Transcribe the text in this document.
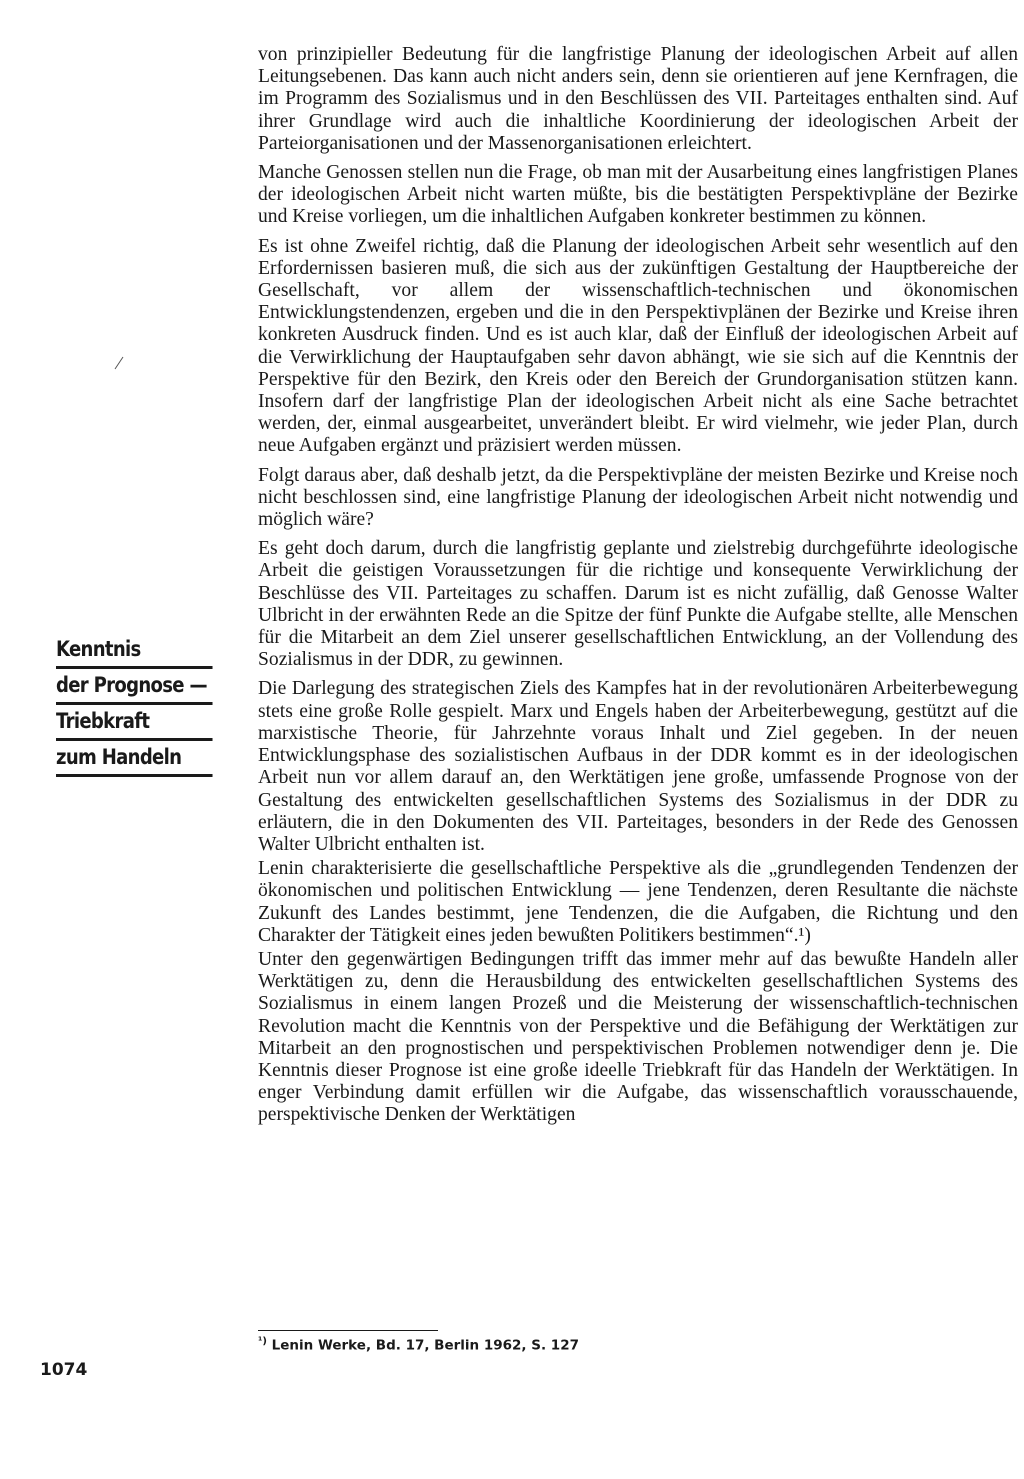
Kenntnis
der Prognose —
Triebkraft
zum Handeln

von prinzipieller Bedeutung für die langfristige Planung der ideologischen Arbeit auf allen Leitungsebenen. Das kann auch nicht anders sein, denn sie orientieren auf jene Kernfragen, die im Programm des Sozialismus und in den Beschlüssen des VII. Parteitages enthalten sind. Auf ihrer Grundlage wird auch die inhaltliche Koordinierung der ideologischen Arbeit der Parteiorganisationen und der Massenorganisationen erleichtert.

Manche Genossen stellen nun die Frage, ob man mit der Ausarbeitung eines langfristigen Planes der ideologischen Arbeit nicht warten müßte, bis die bestätigten Perspektivpläne der Bezirke und Kreise vorliegen, um die inhaltlichen Aufgaben konkreter bestimmen zu können.

Es ist ohne Zweifel richtig, daß die Planung der ideologischen Arbeit sehr wesentlich auf den Erfordernissen basieren muß, die sich aus der zukünftigen Gestaltung der Hauptbereiche der Gesellschaft, vor allem der wissenschaftlich-technischen und ökonomischen Entwicklungstendenzen, ergeben und die in den Perspektivplänen der Bezirke und Kreise ihren konkreten Ausdruck finden. Und es ist auch klar, daß der Einfluß der ideologischen Arbeit auf die Verwirklichung der Hauptaufgaben sehr davon abhängt, wie sie sich auf die Kenntnis der Perspektive für den Bezirk, den Kreis oder den Bereich der Grundorganisation stützen kann. Insofern darf der langfristige Plan der ideologischen Arbeit nicht als eine Sache betrachtet werden, der, einmal ausgearbeitet, unverändert bleibt. Er wird vielmehr, wie jeder Plan, durch neue Aufgaben ergänzt und präzisiert werden müssen.

Folgt daraus aber, daß deshalb jetzt, da die Perspektivpläne der meisten Bezirke und Kreise noch nicht beschlossen sind, eine langfristige Planung der ideologischen Arbeit nicht notwendig und möglich wäre?

Es geht doch darum, durch die langfristig geplante und zielstrebig durchgeführte ideologische Arbeit die geistigen Voraussetzungen für die richtige und konsequente Verwirklichung der Beschlüsse des VII. Parteitages zu schaffen. Darum ist es nicht zufällig, daß Genosse Walter Ulbricht in der erwähnten Rede an die Spitze der fünf Punkte die Aufgabe stellte, alle Menschen für die Mitarbeit an dem Ziel unserer gesellschaftlichen Entwicklung, an der Vollendung des Sozialismus in der DDR, zu gewinnen.

Die Darlegung des strategischen Ziels des Kampfes hat in der revolutionären Arbeiterbewegung stets eine große Rolle gespielt. Marx und Engels haben der Arbeiterbewegung, gestützt auf die marxistische Theorie, für Jahrzehnte voraus Inhalt und Ziel gegeben. In der neuen Entwicklungsphase des sozialistischen Aufbaus in der DDR kommt es in der ideologischen Arbeit nun vor allem darauf an, den Werktätigen jene große, umfassende Prognose von der Gestaltung des entwickelten gesellschaftlichen Systems des Sozialismus in der DDR zu erläutern, die in den Dokumenten des VII. Parteitages, besonders in der Rede des Genossen Walter Ulbricht enthalten ist.

Lenin charakterisierte die gesellschaftliche Perspektive als die „grundlegenden Tendenzen der ökonomischen und politischen Entwicklung — jene Tendenzen, deren Resultante die nächste Zukunft des Landes bestimmt, jene Tendenzen, die die Aufgaben, die Richtung und den Charakter der Tätigkeit eines jeden bewußten Politikers bestimmen“.¹)

Unter den gegenwärtigen Bedingungen trifft das immer mehr auf das bewußte Handeln aller Werktätigen zu, denn die Herausbildung des entwickelten gesellschaftlichen Systems des Sozialismus in einem langen Prozeß und die Meisterung der wissenschaftlich-technischen Revolution macht die Kenntnis von der Perspektive und die Befähigung der Werktätigen zur Mitarbeit an den prognostischen und perspektivischen Problemen notwendiger denn je. Die Kenntnis dieser Prognose ist eine große ideelle Triebkraft für das Handeln der Werktätigen. In enger Verbindung damit erfüllen wir die Aufgabe, das wissenschaftlich vorausschauende, perspektivische Denken der Werktätigen

$^{^1)}$ Lenin Werke, Bd. 17, Berlin 1962, S. 127
1074
